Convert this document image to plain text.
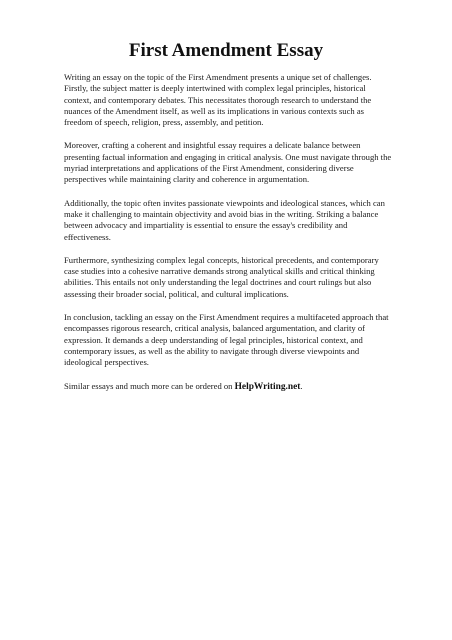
First Amendment Essay

Writing an essay on the topic of the First Amendment presents a unique set of challenges. Firstly, the subject matter is deeply intertwined with complex legal principles, historical context, and contemporary debates. This necessitates thorough research to understand the nuances of the Amendment itself, as well as its implications in various contexts such as freedom of speech, religion, press, assembly, and petition.

Moreover, crafting a coherent and insightful essay requires a delicate balance between presenting factual information and engaging in critical analysis. One must navigate through the myriad interpretations and applications of the First Amendment, considering diverse perspectives while maintaining clarity and coherence in argumentation.

Additionally, the topic often invites passionate viewpoints and ideological stances, which can make it challenging to maintain objectivity and avoid bias in the writing. Striking a balance between advocacy and impartiality is essential to ensure the essay's credibility and effectiveness.

Furthermore, synthesizing complex legal concepts, historical precedents, and contemporary case studies into a cohesive narrative demands strong analytical skills and critical thinking abilities. This entails not only understanding the legal doctrines and court rulings but also assessing their broader social, political, and cultural implications.

In conclusion, tackling an essay on the First Amendment requires a multifaceted approach that encompasses rigorous research, critical analysis, balanced argumentation, and clarity of expression. It demands a deep understanding of legal principles, historical context, and contemporary issues, as well as the ability to navigate through diverse viewpoints and ideological perspectives.

Similar essays and much more can be ordered on HelpWriting.net.
